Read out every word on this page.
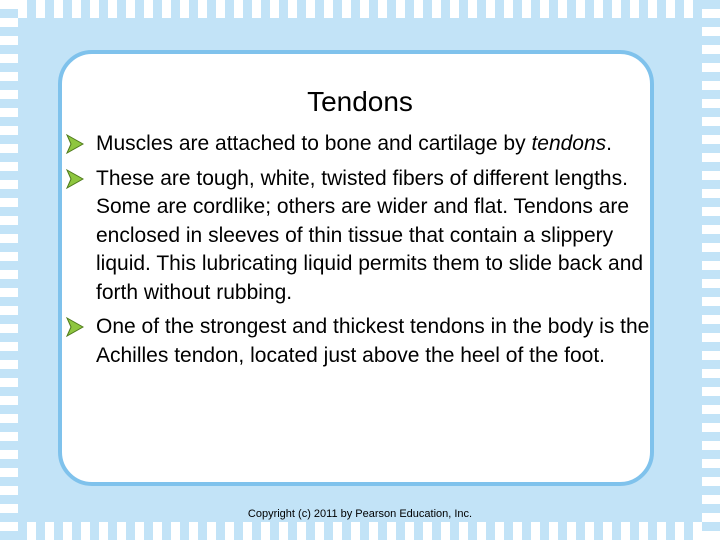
Tendons
Muscles are attached to bone and cartilage by tendons.
These are tough, white, twisted fibers of different lengths. Some are cordlike; others are wider and flat. Tendons are enclosed in sleeves of thin tissue that contain a slippery liquid. This lubricating liquid permits them to slide back and forth without rubbing.
One of the strongest and thickest tendons in the body is the Achilles tendon, located just above the heel of the foot.
Copyright (c) 2011 by Pearson Education, Inc.
